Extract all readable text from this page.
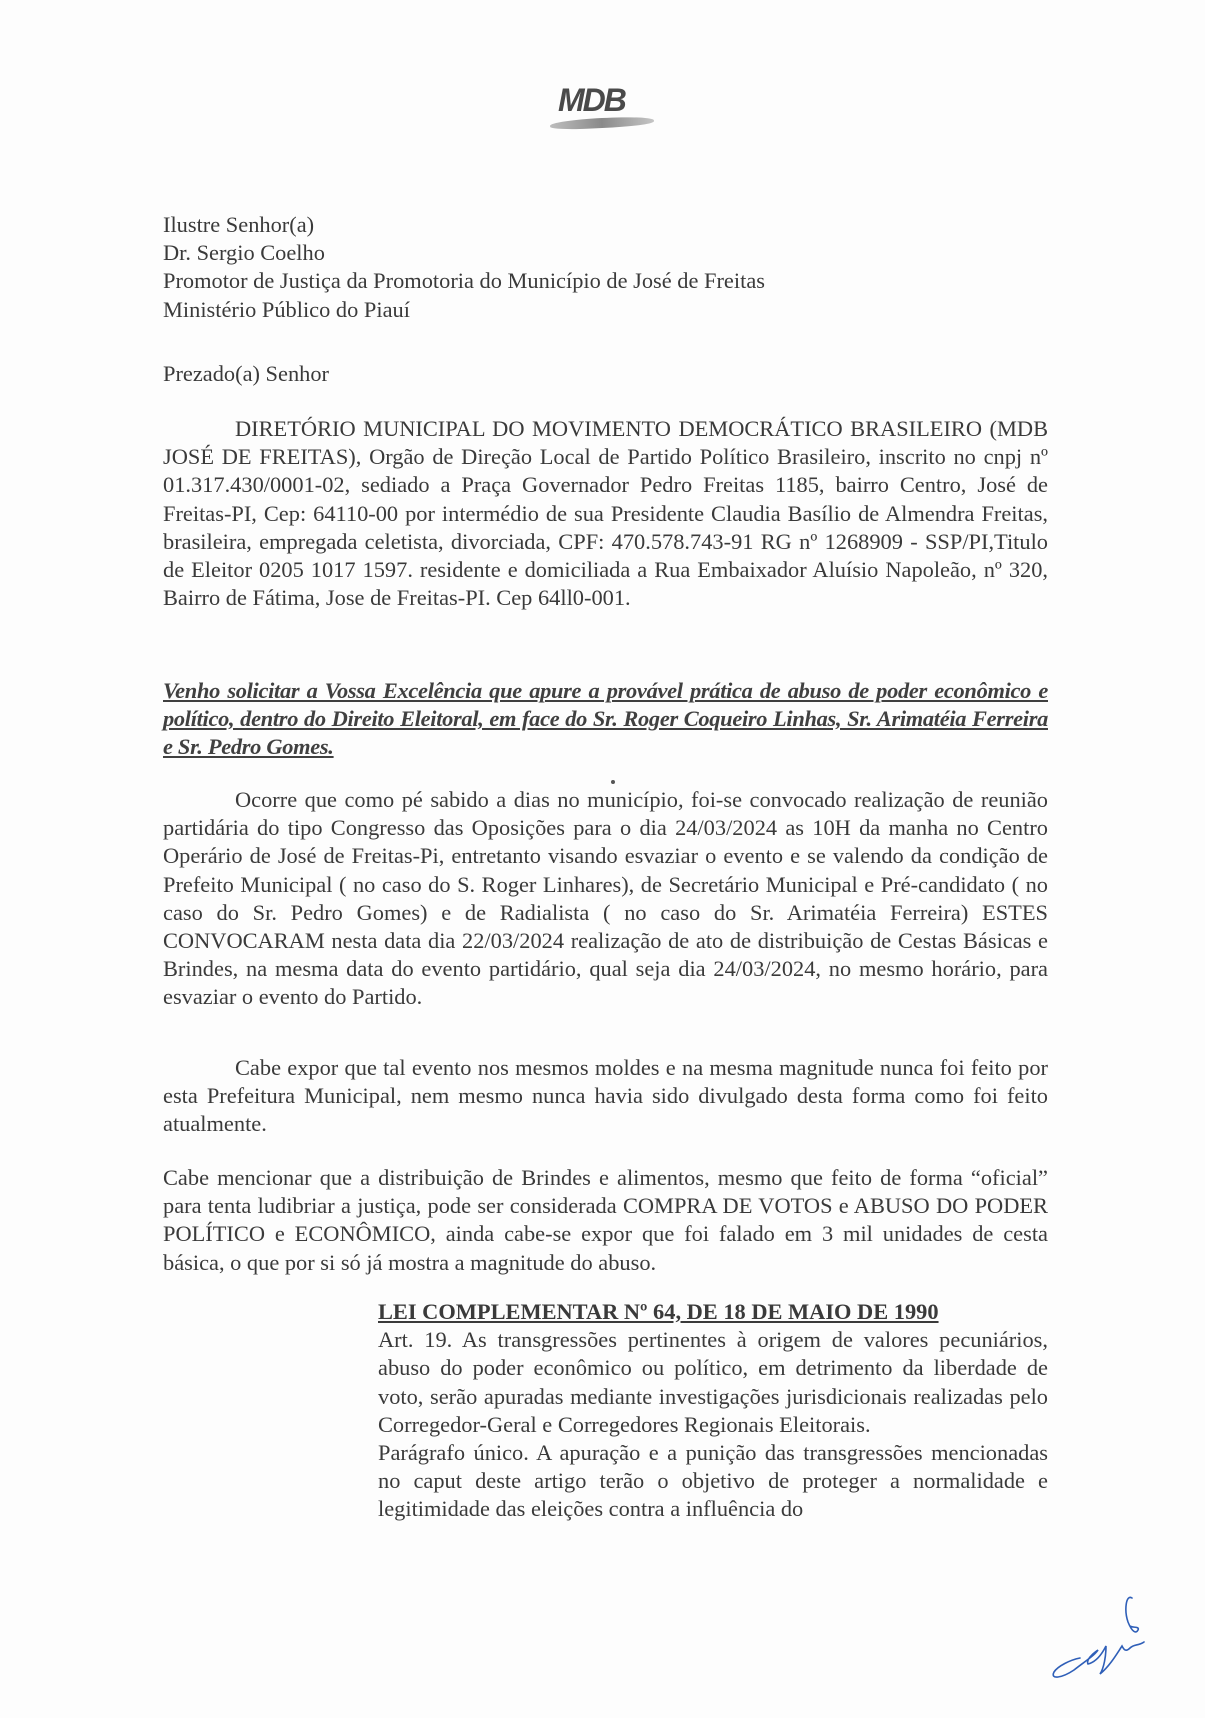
MDB
Ilustre Senhor(a)
Dr. Sergio Coelho
Promotor de Justiça da Promotoria do Município de José de Freitas
Ministério Público do Piauí
Prezado(a) Senhor
DIRETÓRIO MUNICIPAL DO MOVIMENTO DEMOCRÁTICO BRASILEIRO (MDB JOSÉ DE FREITAS), Orgão de Direção Local de Partido Político Brasileiro, inscrito no cnpj nº 01.317.430/0001-02, sediado a Praça Governador Pedro Freitas 1185, bairro Centro, José de Freitas-PI, Cep: 64110-00 por intermédio de sua Presidente Claudia Basílio de Almendra Freitas, brasileira, empregada celetista, divorciada, CPF: 470.578.743-91 RG nº 1268909 - SSP/PI,Titulo de Eleitor 0205 1017 1597. residente e domiciliada a Rua Embaixador Aluísio Napoleão, nº 320, Bairro de Fátima, Jose de Freitas-PI. Cep 64ll0-001.
Venho solicitar a Vossa Excelência que apure a provável prática de abuso de poder econômico e político, dentro do Direito Eleitoral, em face do Sr. Roger Coqueiro Linhas, Sr. Arimatéia Ferreira e Sr. Pedro Gomes.
Ocorre que como pé sabido a dias no município, foi-se convocado realização de reunião partidária do tipo Congresso das Oposições para o dia 24/03/2024 as 10H da manha no Centro Operário de José de Freitas-Pi, entretanto visando esvaziar o evento e se valendo da condição de Prefeito Municipal ( no caso do S. Roger Linhares), de Secretário Municipal e Pré-candidato ( no caso do Sr. Pedro Gomes) e de Radialista ( no caso do Sr. Arimatéia Ferreira) ESTES CONVOCARAM nesta data dia 22/03/2024 realização de ato de distribuição de Cestas Básicas e Brindes, na mesma data do evento partidário, qual seja dia 24/03/2024, no mesmo horário, para esvaziar o evento do Partido.
Cabe expor que tal evento nos mesmos moldes e na mesma magnitude nunca foi feito por esta Prefeitura Municipal, nem mesmo nunca havia sido divulgado desta forma como foi feito atualmente.
Cabe mencionar que a distribuição de Brindes e alimentos, mesmo que feito de forma “oficial” para tenta ludibriar a justiça, pode ser considerada COMPRA DE VOTOS e ABUSO DO PODER POLÍTICO e ECONÔMICO, ainda cabe-se expor que foi falado em 3 mil unidades de cesta básica, o que por si só já mostra a magnitude do abuso.
LEI COMPLEMENTAR Nº 64, DE 18 DE MAIO DE 1990
Art. 19. As transgressões pertinentes à origem de valores pecuniários, abuso do poder econômico ou político, em detrimento da liberdade de voto, serão apuradas mediante investigações jurisdicionais realizadas pelo Corregedor-Geral e Corregedores Regionais Eleitorais.
Parágrafo único. A apuração e a punição das transgressões mencionadas no caput deste artigo terão o objetivo de proteger a normalidade e legitimidade das eleições contra a influência do
